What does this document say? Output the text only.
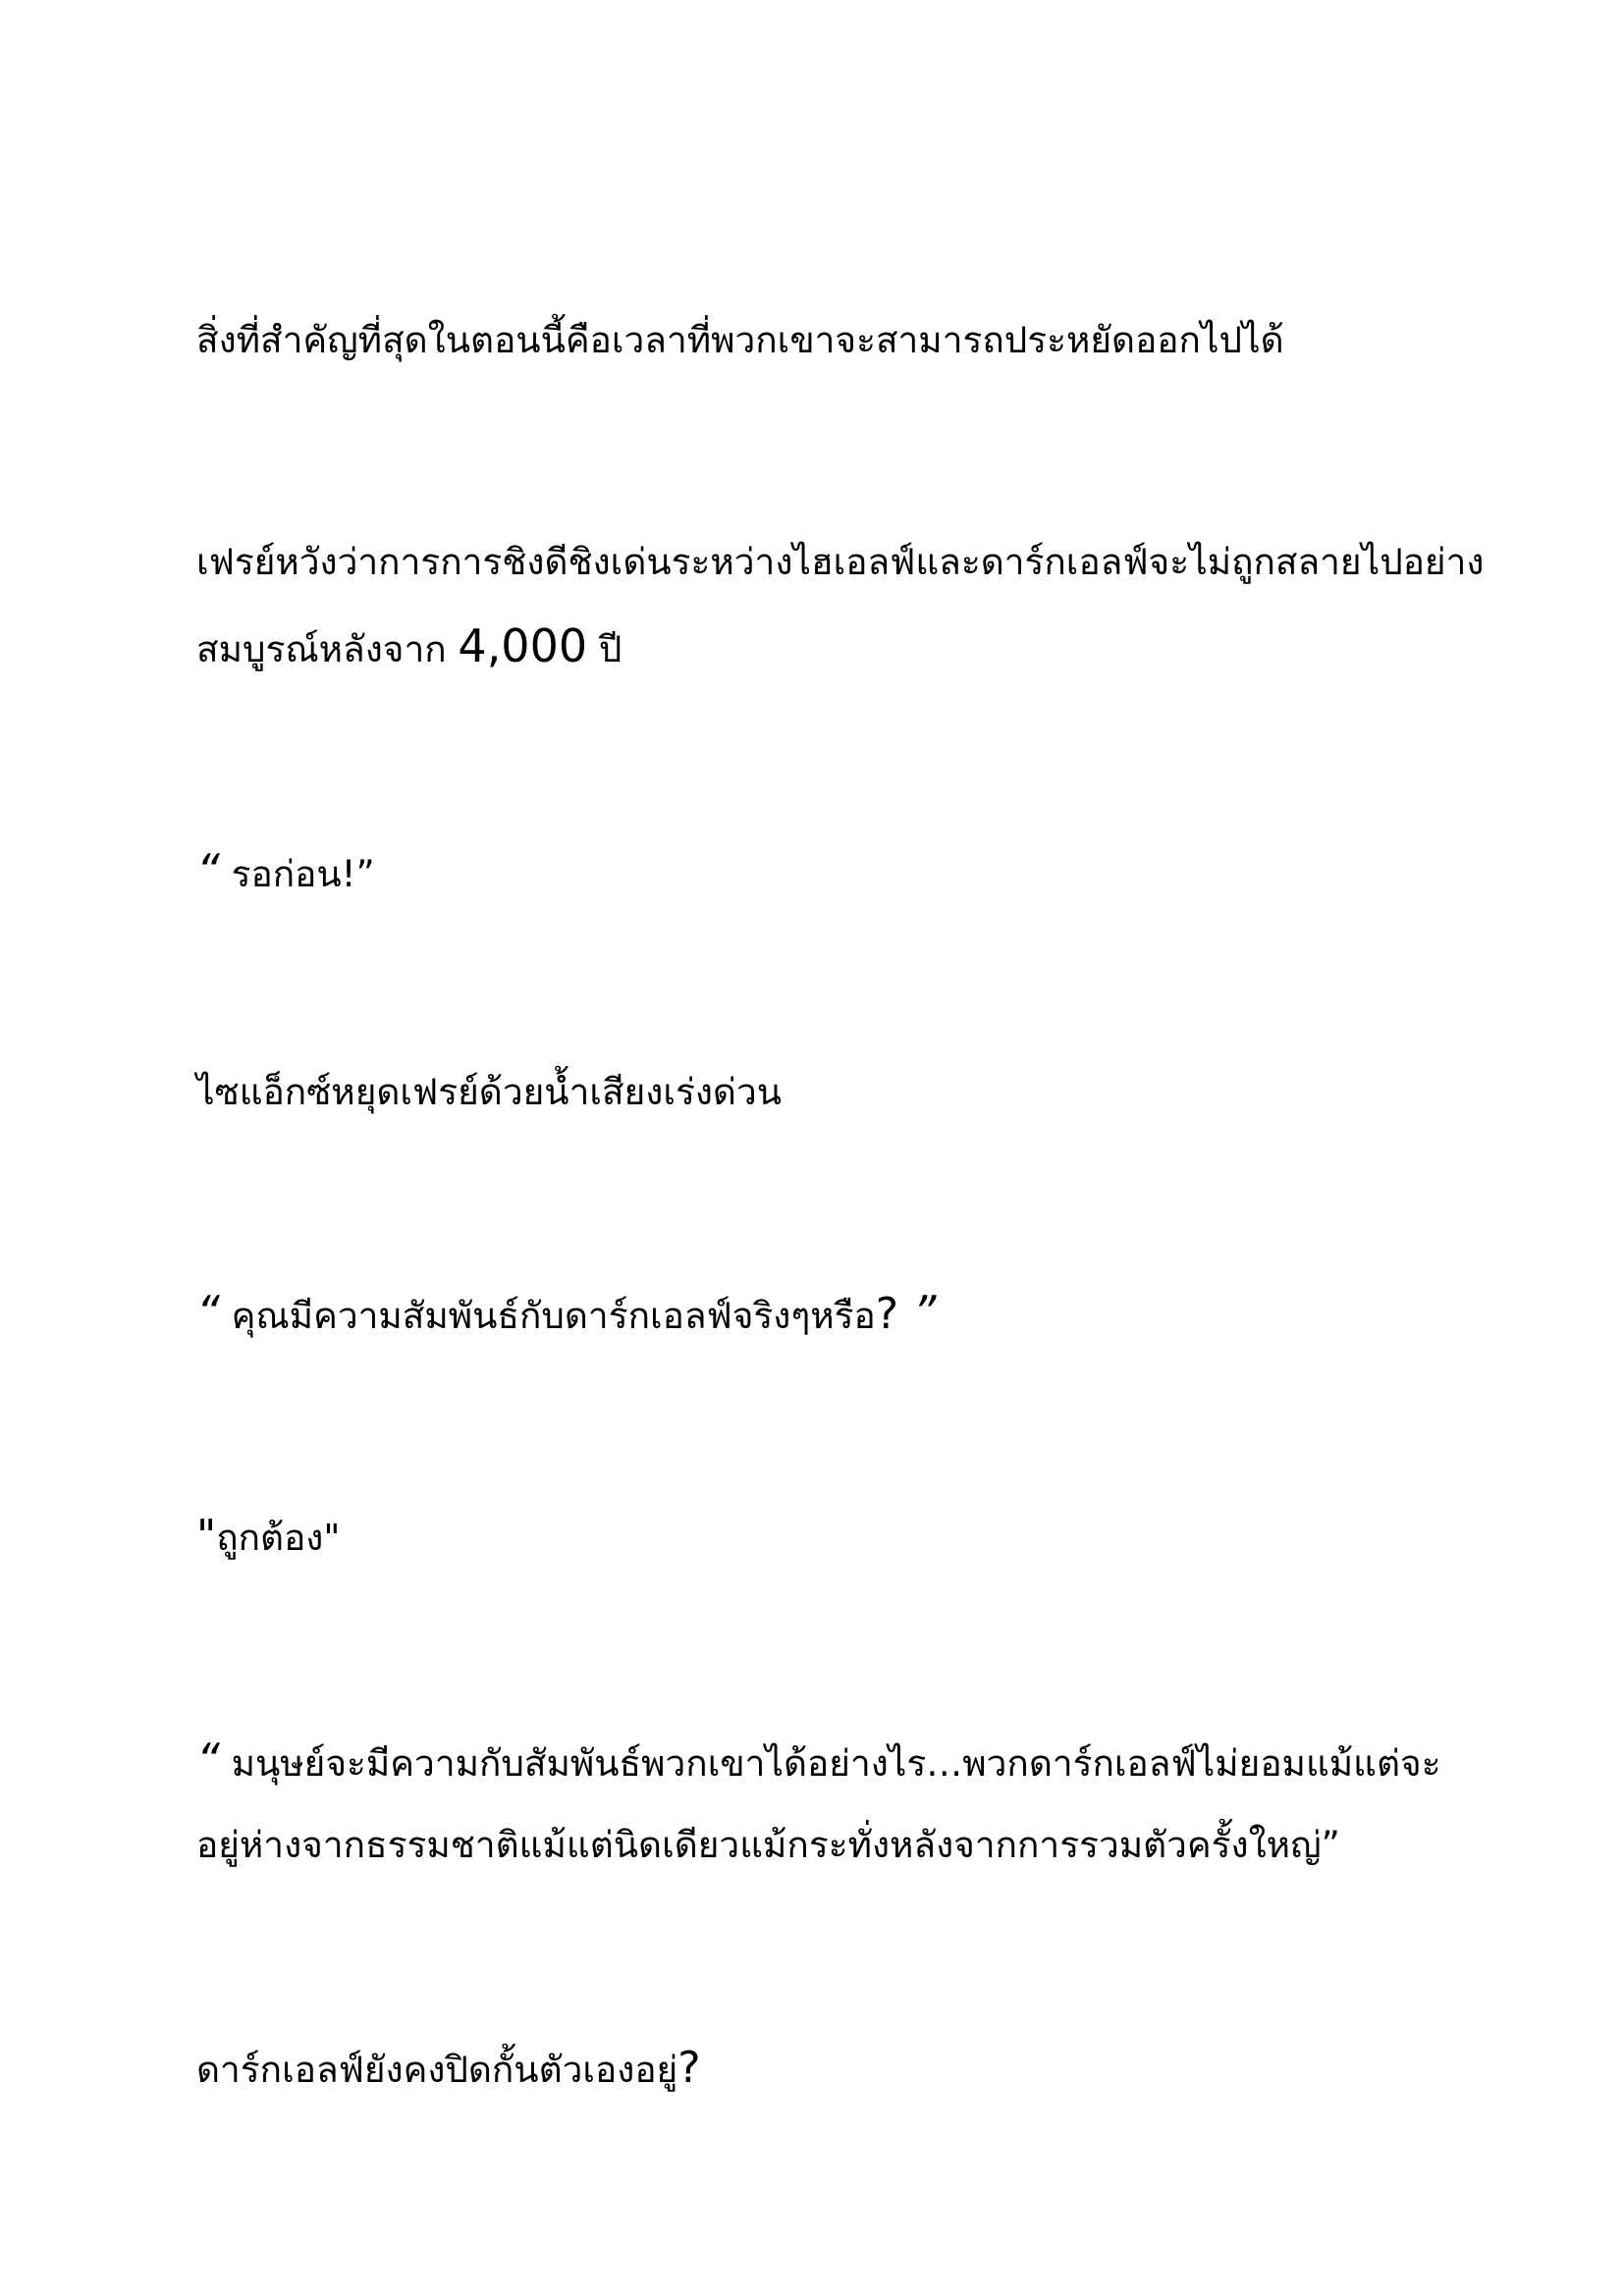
สิ่งที่สำคัญที่สุดในตอนนี้คือเวลาที่พวกเขาจะสามารถประหยัดออกไปได้
เฟรย์หวังว่าการการชิงดีชิงเด่นระหว่างไฮเอลฟ์และดาร์กเอลฟ์จะไม่ถูกสลายไปอย่าง
สมบูรณ์หลังจาก 4,000 ปี
“ รอก่อน!”
ไซแอ็กซ์หยุดเฟรย์ด้วยน้ำเสียงเร่งด่วน
“ คุณมีความสัมพันธ์กับดาร์กเอลฟ์จริงๆหรือ? ”
"ถูกต้อง"
“ มนุษย์จะมีความกับสัมพันธ์พวกเขาได้อย่างไร…พวกดาร์กเอลฟ์ไม่ยอมแม้แต่จะ
อยู่ห่างจากธรรมชาติแม้แต่นิดเดียวแม้กระทั่งหลังจากการรวมตัวครั้งใหญ่”
ดาร์กเอลฟ์ยังคงปิดกั้นตัวเองอยู่?
